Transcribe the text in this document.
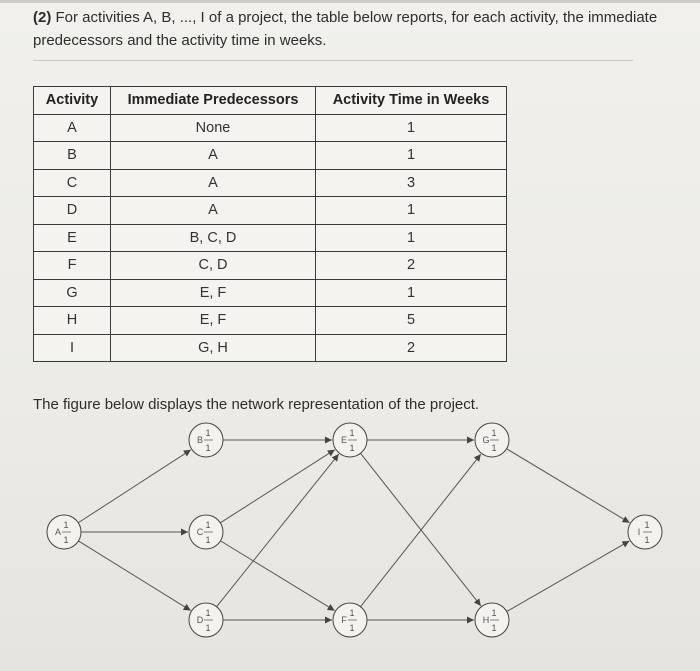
(2) For activities A, B, ..., I of a project, the table below reports, for each activity, the immediate predecessors and the activity time in weeks.
Activity	Immediate Predecessors	Activity Time in Weeks
A	None	1
B	A	1
C	A	3
D	A	1
E	B, C, D	1
F	C, D	2
G	E, F	1
H	E, F	5
I	G, H	2
The figure below displays the network representation of the project.
A
1
1
B
1
1
C
1
1
D
1
1
E
1
1
F
1
1
G
1
1
H
1
1
I
1
1
